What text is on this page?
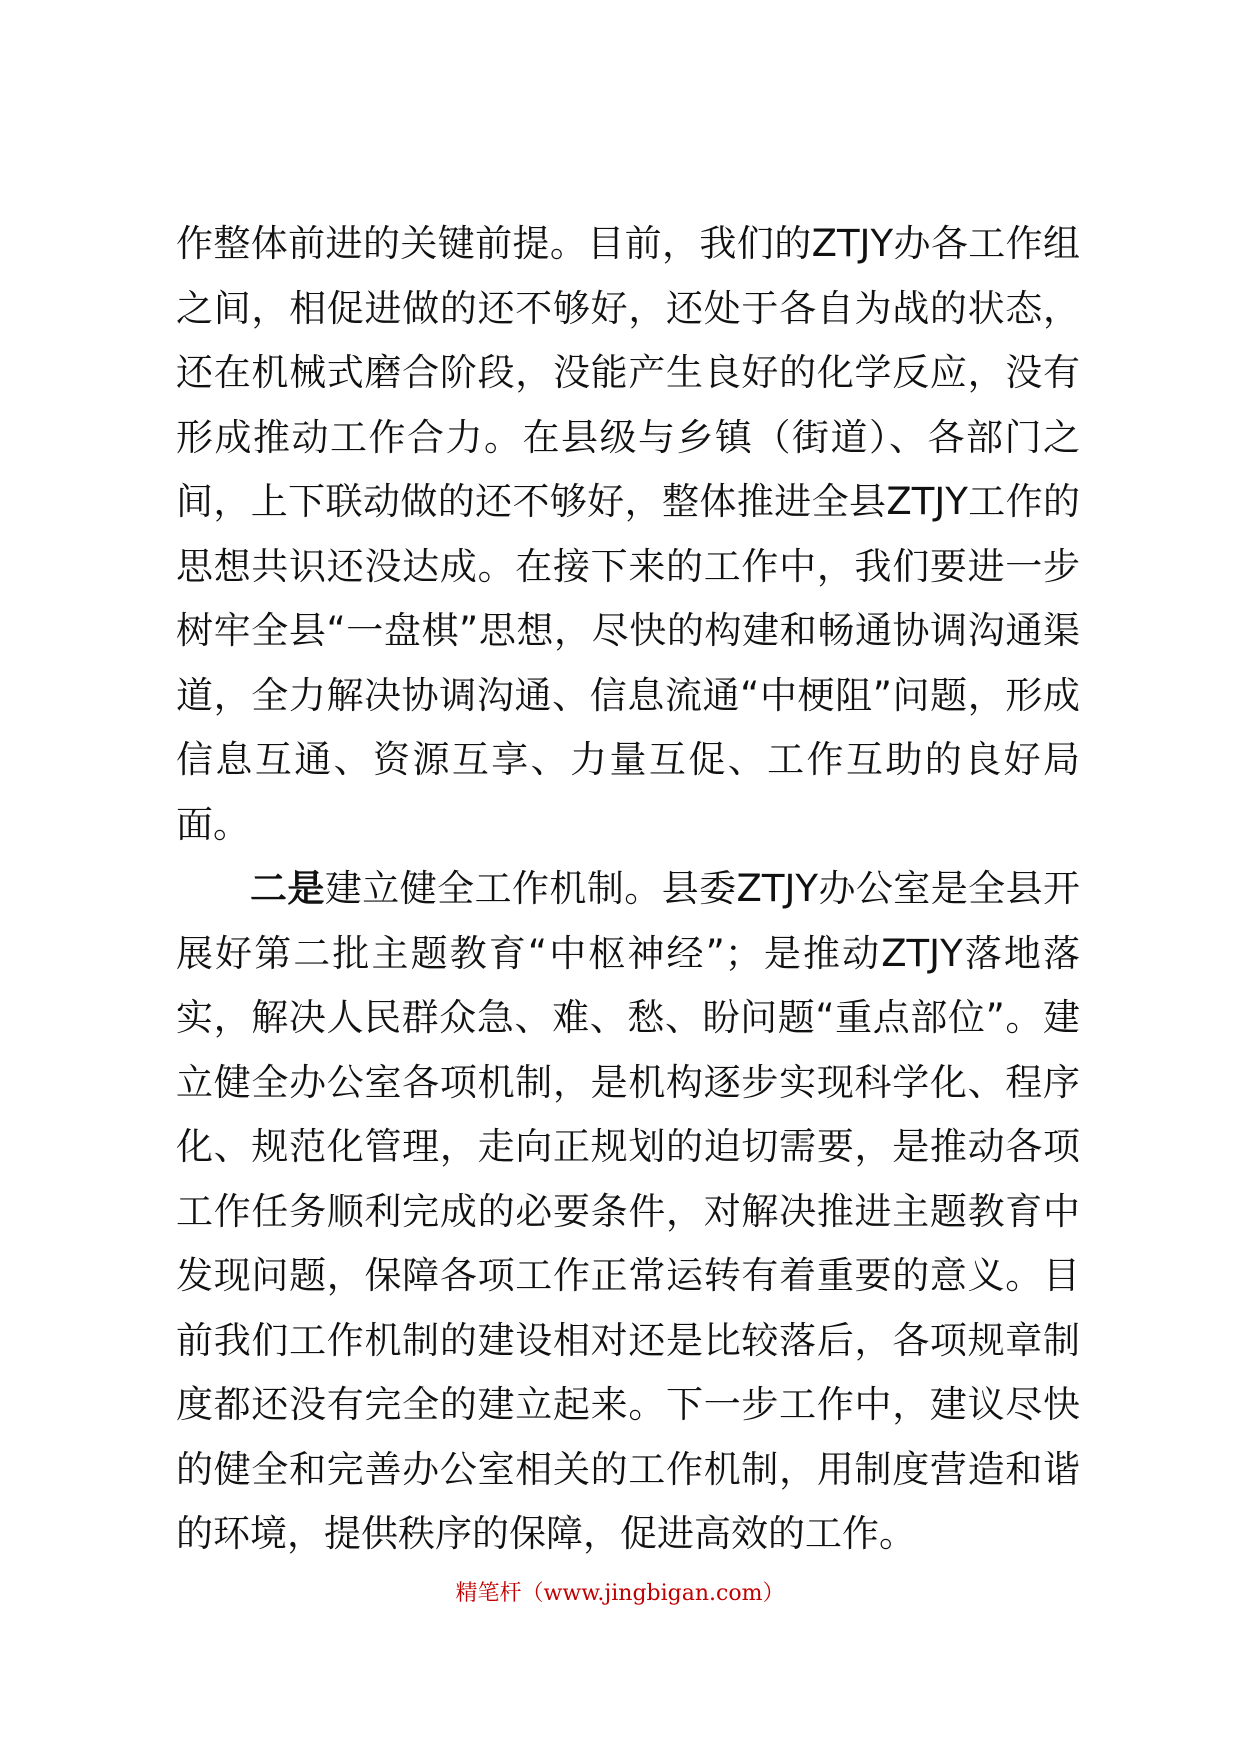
作整体前进的关键前提。目前，我们的ZTJY办各工作组之间，相促进做的还不够好，还处于各自为战的状态，还在机械式磨合阶段，没能产生良好的化学反应，没有形成推动工作合力。在县级与乡镇（街道）、各部门之间，上下联动做的还不够好，整体推进全县ZTJY工作的思想共识还没达成。在接下来的工作中，我们要进一步树牢全县“一盘棋”思想，尽快的构建和畅通协调沟通渠道，全力解决协调沟通、信息流通“中梗阻”问题，形成信息互通、资源互享、力量互促、工作互助的良好局面。

二是建立健全工作机制。县委ZTJY办公室是全县开展好第二批主题教育“中枢神经”；是推动ZTJY落地落实，解决人民群众急、难、愁、盼问题“重点部位”。建立健全办公室各项机制，是机构逐步实现科学化、程序化、规范化管理，走向正规划的迫切需要，是推动各项工作任务顺利完成的必要条件，对解决推进主题教育中发现问题，保障各项工作正常运转有着重要的意义。目前我们工作机制的建设相对还是比较落后，各项规章制度都还没有完全的建立起来。下一步工作中，建议尽快的健全和完善办公室相关的工作机制，用制度营造和谐的环境，提供秩序的保障，促进高效的工作。

精笔杆（www.jingbigan.com）
